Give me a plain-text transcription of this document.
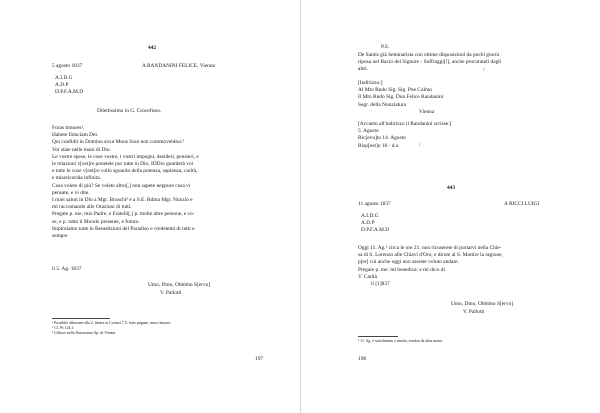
442
5 agosto 1837	A RANDANINI FELICE, Vienna
A.I.D.G
A.D.P
D.P.F.A.M.D
Dilettissimo in G. Crocefisso.
Foras timores¹.
Habete fiduciam Dei.
Qui confidit in Domino sicut Mons Sion non commovebitur.²
Voi state nelle mani di Dio.
Le vostre spese, le cose vostre, i vostri impegni, desideri, pensieri, e
le relazioni v[ost]re ponetele pur tutte in Dio, IDDio guarderà voi
e tutte le cose v[ost]re collo sguardo della potenza, sapienza, carità,
e misericordia infinita.
Cosa volete di più? Se volete altro[,] non sapete neppure cosa vi
pensate, e vi dite.
I miei saluti in Dio a Mgr. Bruschi³ e a S.E. Rdma Mgr. Nunzio e
mi raccomando alle Orazioni di tutti.
Pregate p. me, mio Padre, e Fratelli[,] p. molte altre persone, e co-
se, e p. tutto il Mondo presente, e futuro.
Imploriamo tutte le Benedizioni del Paradiso e credetemi di tutti e
sempre
li 5. Ag. 1837
Umo, Dmo, Obblmo S[ervo]
V. Pallotti
¹ Possibile allusione alla 2. lettera ai Corinzi 7,5: foris pugnae, intus timores.
² Cf. Ps 124,1.
³ Uditore nella Nunziatura Ap. di Vienna
197
P.S.
De Santis già Seminarista con ottime disposizioni da pochi giorni
riposa nel Bacio del Signore - Suffraggi[!], anche procurateli dagli
altri.	/
[Indirizzo:]
Al Mto Rndo Sig. Sig. Pne Colmo
Il Mto Rndo Sig. Don Felice Randanini
Segr. della Nunziatura
Vienna
[Accanto all'indirizzo il Randanini scrisse:]
5. Agosto
Ric[evu]to 14. Agosto
Risp[ost]o 18 - d.o	/
443
11 agosto 1837	A RICCI LUIGI
A.I.D.G
A.D.P
D.P.F.A.M.D
Oggi 11. Ag.¹ circa le ore 21. non ricuserete di portarvi nella Chie-
sa di S. Lorenzo alle Chiavi d'Oro, e dirote al S. Martire la ragione,
p[er] cui anche oggi non sareste voluto andare.
Pregate p. me: mi benedica: e mi dico di
V. Carità
li [1]837
Umo, Dmo, Obblmo S[ervo]
V. Pallotti
¹ 11. Ag. è sottolineato a matita, sembra da altra mano.
198
